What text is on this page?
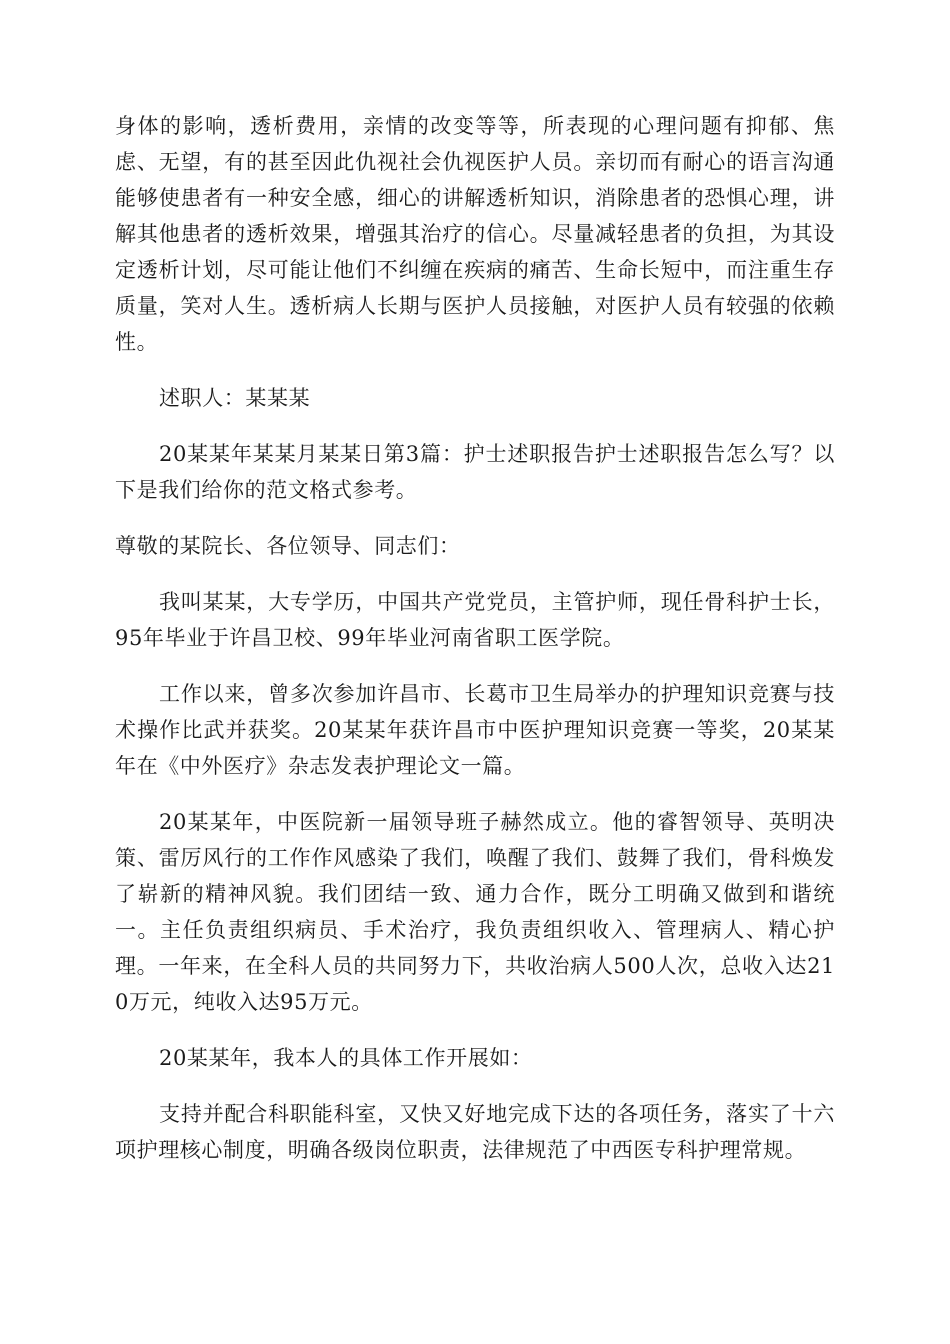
身体的影响，透析费用，亲情的改变等等，所表现的心理问题有抑郁、焦虑、无望，有的甚至因此仇视社会仇视医护人员。亲切而有耐心的语言沟通能够使患者有一种安全感，细心的讲解透析知识，消除患者的恐惧心理，讲解其他患者的透析效果，增强其治疗的信心。尽量减轻患者的负担，为其设定透析计划，尽可能让他们不纠缠在疾病的痛苦、生命长短中，而注重生存质量，笑对人生。透析病人长期与医护人员接触，对医护人员有较强的依赖性。

述职人：某某某

20某某年某某月某某日第3篇：护士述职报告护士述职报告怎么写？以下是我们给你的范文格式参考。

尊敬的某院长、各位领导、同志们：

我叫某某，大专学历，中国共产党党员，主管护师，现任骨科护士长，95年毕业于许昌卫校、99年毕业河南省职工医学院。

工作以来，曾多次参加许昌市、长葛市卫生局举办的护理知识竞赛与技术操作比武并获奖。20某某年获许昌市中医护理知识竞赛一等奖，20某某年在《中外医疗》杂志发表护理论文一篇。

20某某年，中医院新一届领导班子赫然成立。他的睿智领导、英明决策、雷厉风行的工作作风感染了我们，唤醒了我们、鼓舞了我们，骨科焕发了崭新的精神风貌。我们团结一致、通力合作，既分工明确又做到和谐统一。主任负责组织病员、手术治疗，我负责组织收入、管理病人、精心护理。一年来，在全科人员的共同努力下，共收治病人500人次，总收入达210万元，纯收入达95万元。

20某某年，我本人的具体工作开展如：

支持并配合科职能科室，又快又好地完成下达的各项任务，落实了十六项护理核心制度，明确各级岗位职责，法律规范了中西医专科护理常规。
